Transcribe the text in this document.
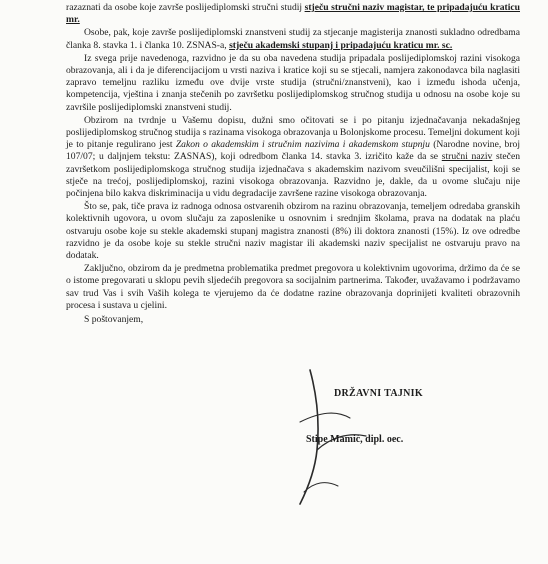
razaznati da osobe koje završe poslijediplomski stručni studij stječu stručni naziv magistar, te pripadajuću kraticu mr.

Osobe, pak, koje završe poslijediplomski znanstveni studij za stjecanje magisterija znanosti sukladno odredbama članka 8. stavka 1. i članka 10. ZSNAS-a, stječu akademski stupanj i pripadajuću kraticu mr. sc.

Iz svega prije navedenoga, razvidno je da su oba navedena studija pripadala poslijediplomskoj razini visokoga obrazovanja, ali i da je diferencijacijom u vrsti naziva i kratice koji su se stjecali, namjera zakonodavca bila naglasiti zapravo temeljnu razliku između ove dvije vrste studija (stručni/znanstveni), kao i između ishoda učenja, kompetencija, vještina i znanja stečenih po završetku poslijediplomskog stručnog studija u odnosu na osobe koje su završile poslijediplomski znanstveni studij.

Obzirom na tvrdnje u Vašemu dopisu, dužni smo očitovati se i po pitanju izjednačavanja nekadašnjeg poslijediplomskog stručnog studija s razinama visokoga obrazovanja u Bolonjskome procesu. Temeljni dokument koji je to pitanje regulirano jest Zakon o akademskim i stručnim nazivima i akademskom stupnju (Narodne novine, broj 107/07; u daljnjem tekstu: ZASNAS), koji odredbom članka 14. stavka 3. izričito kaže da se stručni naziv stečen završetkom poslijediplomskoga stručnog studija izjednačava s akademskim nazivom sveučilišni specijalist, koji se stječe na trećoj, poslijediplomskoj, razini visokoga obrazovanja. Razvidno je, dakle, da u ovome slučaju nije počinjena bilo kakva diskriminacija u vidu degradacije završene razine visokoga obrazovanja.

Što se, pak, tiče prava iz radnoga odnosa ostvarenih obzirom na razinu obrazovanja, temeljem odredaba granskih kolektivnih ugovora, u ovom slučaju za zaposlenike u osnovnim i srednjim školama, prava na dodatak na plaću ostvaruju osobe koje su stekle akademski stupanj magistra znanosti (8%) ili doktora znanosti (15%). Iz ove odredbe razvidno je da osobe koje su stekle stručni naziv magistar ili akademski naziv specijalist ne ostvaruju pravo na dodatak.

Zaključno, obzirom da je predmetna problematika predmet pregovora u kolektivnim ugovorima, držimo da će se o istome pregovarati u sklopu pevih sljedećih pregovora sa socijalnim partnerima. Također, uvažavamo i podržavamo sav trud Vas i svih Vaših kolega te vjerujemo da će dodatne razine obrazovanja doprinijeti kvaliteti obrazovnih procesa i sustava u cjelini.

S poštovanjem,

DRŽAVNI TAJNIK
Stipe Mamić, dipl. oec.
